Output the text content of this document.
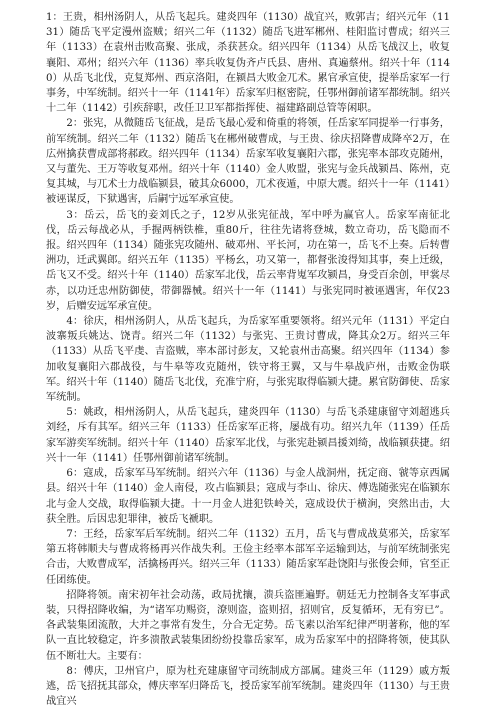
1：王贵，相州汤阴人，从岳飞起兵。建炎四年（1130）战宜兴，败郭吉；绍兴元年（1131）随岳飞平定漫州盗贼；绍兴二年（1132）随岳飞进军郴州、桂阳监讨曹成；绍兴三年（1133）在袁州击败高聚、张成，杀获甚众。绍兴四年（1134）从岳飞战汉上，收复襄阳、邓州；绍兴六年（1136）率兵收复伪齐卢氏县、唐州、真遍蔡州。绍兴十年（1140）从岳飞北伐，克复郑州、西京洛阳，在颍昌大败金兀术。累官承宣使，提举岳家军一行事务，中军统制。绍兴十一年（1141年）岳家军归枢密院，任鄂州御前诸军都统制。绍兴十二年（1142）引疾辞职，改任卫卫军都指挥使、福建路副总管等闲职。

2：张宪，从微随岳飞征战，是岳飞最心爱和倚重的将领，任岳家军同提举一行事务，前军统制。绍兴二年（1132）随岳飞在郴州破曹成，与王贵、徐庆招降曹成降卒2万，在広州擒获曹成部将郝政。绍兴四年（1134）岳家军收复襄阳六郡，张宪率本部攻克随州，又与董先、王万等收复邓州。绍兴十年（1140）金人败盟，张宪与金兵战颍昌、陈州，克复其城，与兀术士力战临颍县，破其众6000，兀术夜遁，中原大震。绍兴十一年（1141）被诬谋反，下狱遇害，后嗣宁远军承宣使。

3：岳云，岳飞的妾刘氏之子，12岁从张宪征战，军中呼为赢官人。岳家军南征北伐，岳云每战必从，手握两柄铁椎，重80斤，往往先诸将登城，数立奇功，岳飞隐而不报。绍兴四年（1134）随张宪攻随州、破邓州、平长河，功在第一，岳飞不上奏。后转曹洲功，迁武翼郎。绍兴五年（1135）平杨幺，功又第一，都督张浚得知其事，奏上迁级，岳飞又不受。绍兴十年（1140）岳家军北伐，岳云率背嵬军攻颍昌，身受百余创，甲裳尽赤，以功迁忠州防御使，带御器械。绍兴十一年（1141）与张宪同时被诬遇害，年仅23岁，后赠安远军承宣使。

4：徐庆，相州汤阴人，从岳飞起兵，为岳家军重要领将。绍兴元年（1131）平定白波寨叛兵姚达、饶青。绍兴二年（1132）与张宪、王贵讨曹成，降其众2万。绍兴三年（1133）从岳飞平虔、吉盗贼，率本部讨彭友，又轮袁州击高聚。绍兴四年（1134）参加收复襄阳六郡战役，与牛皋等攻克随州，铁守将王翼，又与牛皋战庐州，击败金伪联军。绍兴十年（1140）随岳飞北伐，充准宁府，与张宪取得临颍大捷。累官防御使、岳家军统制。

5：姚政，相州汤阴人，从岳飞起兵，建炎四年（1130）与岳飞杀建康留守刘超逃兵刘经，斥有其军。绍兴三年（1133）任岳家军正将，屡战有功。绍兴九年（1139）任岳家军游奕军统制。绍兴十年（1140）岳家军北伐，与张宪赴颍昌援刘绮，战临颍获捷。绍兴十一年（1141）任鄂州御前诸军统制。

6：寇成，岳家军马军统制。绍兴六年（1136）与金人战洞州，抚定商、虢等京西属县。绍兴十年（1140）金人南侵，攻占临颍县；寇成与李山、徐庆、傅选随张宪在临颍东北与金人交战，取得临颍大捷。十一月金人进犯铁岭关，寇成设伏于横涧，突然出击，大获全胜。后因忠犯罪律，被岳飞褫职。

7：王经，岳家军后军统制。绍兴二年（1132）五月，岳飞与曹成战莫邪关，岳家军第五将韩顺夫与曹成将杨再兴作战失利。王俭主经率本部军辛运输到达，与前军统制张宪合击，大败曹成军，活擒杨再兴。绍兴三年（1133）随岳家军赴饶阳与张俊会师，官至正任团练使。

招降将领。南宋初年社会动荡，政局扰攘，溃兵盗匪遍野。朝廷无力控制各支军事武装，只得招降收编，为“诸军功赐资，潦则盗，盗则招，招则官，反复循环，无有穷已”。各武装集团流散，大并之事常有发生，分合无定势。岳飞素以治军纪律严明著称，他的军队一直比较稳定，许多溃散武装集团纷纷投靠岳家军，成为岳家军中的招降将领，使其队伍不断壮大。主要有：

8：傅庆，卫州官户，原为杜充建康留守司统制成方部属。建炎三年（1129）戚方叛逃，岳飞招抚其部众，傅庆率军归降岳飞，授岳家军前军统制。建炎四年（1130）与王贵战宜兴
